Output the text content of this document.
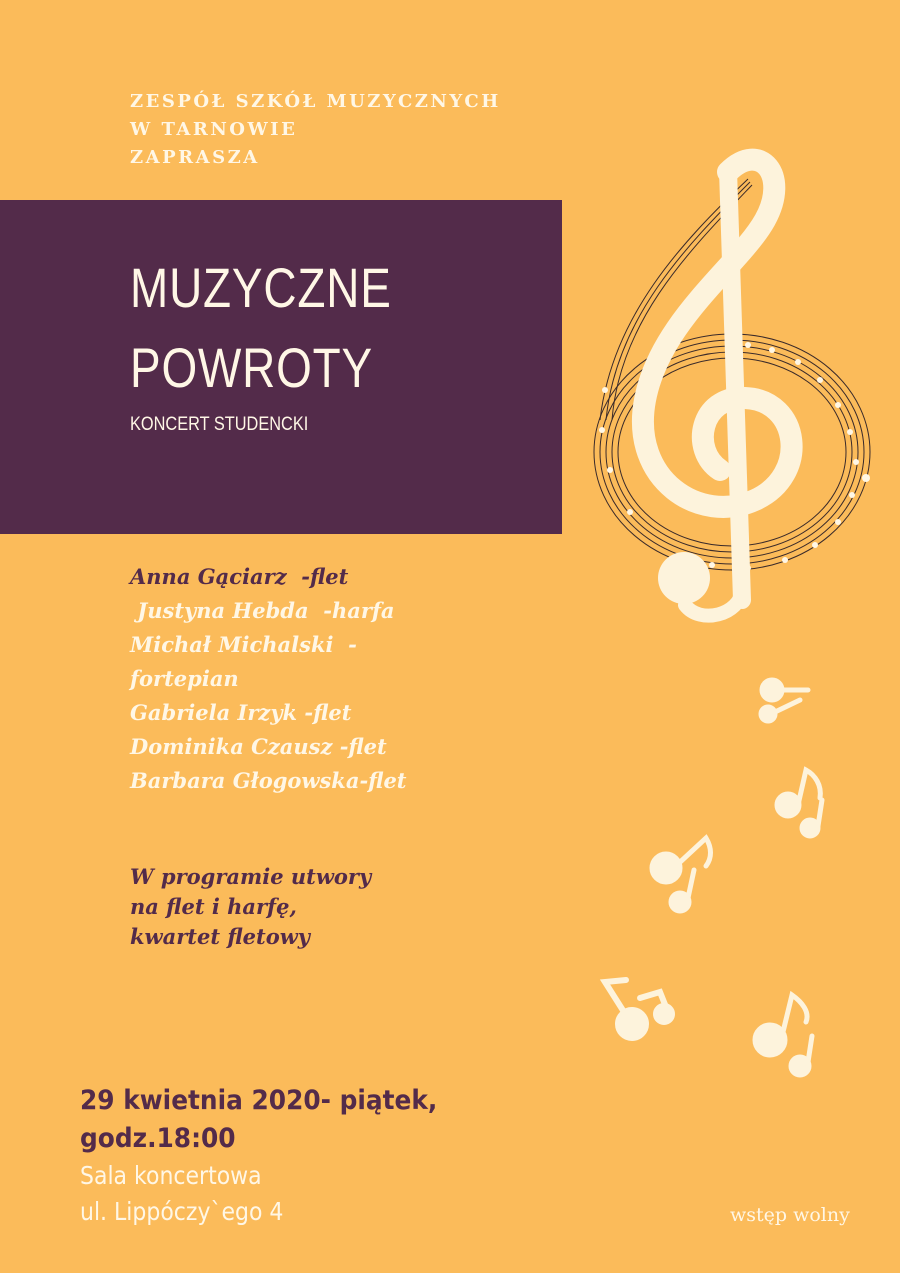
ZESPÓŁ SZKÓŁ MUZYCZNYCH
W TARNOWIE
ZAPRASZA
MUZYCZNE
POWROTY
KONCERT STUDENCKI
Anna Gąciarz  -flet
Justyna Hebda  -harfa
Michał Michalski  -
fortepian
Gabriela Irzyk -flet
Dominika Czausz -flet
Barbara Głogowska-flet
W programie utwory
na flet i harfę,
kwartet fletowy
29 kwietnia 2020- piątek,
godz.18:00
Sala koncertowa
ul. Lippóczy`ego 4	wstęp wolny
